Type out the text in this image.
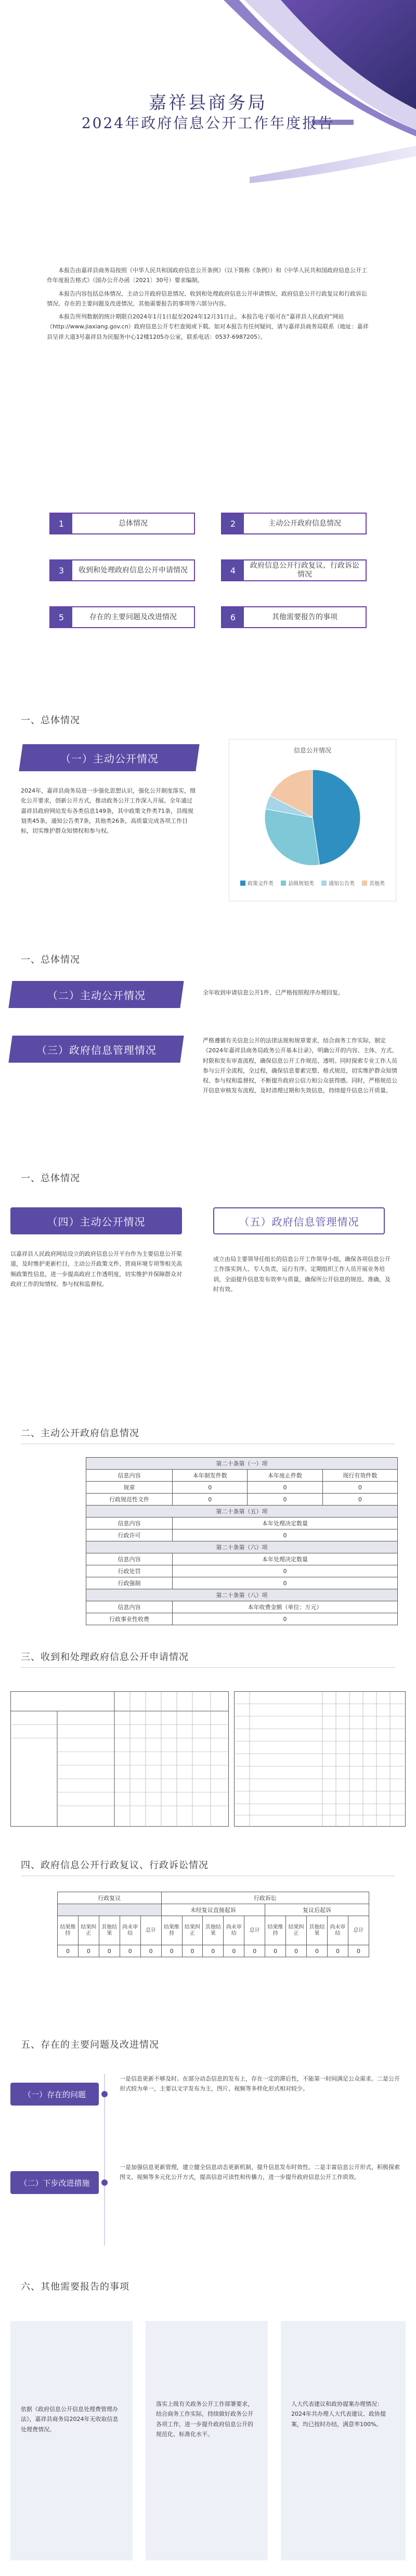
嘉祥县商务局
2024年政府信息公开工作年度报告

本报告由嘉祥县商务局按照《中华人民共和国政府信息公开条例》（以下简称《条例》）和《中华人民共和国政府信息公开工作年度报告格式》（国办公开办函〔2021〕30号）要求编制。

本报告内容包括总体情况、主动公开政府信息情况、收到和处理政府信息公开申请情况、政府信息公开行政复议和行政诉讼情况、存在的主要问题及改进情况、其他需要报告的事项等六部分内容。

本报告所列数据的统计期限自2024年1月1日起至2024年12月31日止。本报告电子版可在“嘉祥县人民政府”网站（http://www.jiaxiang.gov.cn）政府信息公开专栏查阅或下载。如对本报告有任何疑问，请与嘉祥县商务局联系（地址：嘉祥县呈祥大道3号嘉祥县为民服务中心12楼1205办公室，联系电话：0537-6987205）。

1	总体情况	2	主动公开政府信息情况
3	收到和处理政府信息公开申请情况	4	政府信息公开行政复议、行政诉讼情况
5	存在的主要问题及改进情况	6	其他需要报告的事项
一、总体情况
（一）主动公开情况
2024年，嘉祥县商务局进一步强化思想认识，强化公开制度落实，细化公开要求，创新公开方式，推动政务公开工作深入开展。全年通过嘉祥县政府网站发布各类信息149条，其中政策文件类71条，县级规划类45条，通知公告类7条，其他类26条，高质量完成各项工作目标，切实维护群众知情权和参与权。
信息公开情况
政策文件类	县级规划类	通知公告类	其他类
一、总体情况
（二）主动公开情况	全年收到申请信息公开1件、已严格按照程序办理回复。
（三）政府信息管理情况
严格遵循有关信息公开的法律法规和规章要求，结合商务工作实际，制定《2024年嘉祥县商务局政务公开基本目录》，明确公开的内容、主体、方式、时限和发布审查流程，确保信息公开工作规范、透明。同时探索专业工作人员参与公开全流程，全过程，确保信息要素完整、格式规范，切实维护群众知情权、参与权和监督权，不断提升政府公信力和公众获得感。同时，严格规范公开信息审核发布流程，及时清理过期和失效信息，持续提升信息公开质量。
一、总体情况
（四）主动公开情况	（五）政府信息管理情况
以嘉祥县人民政府网站设立的政府信息公开平台作为主要信息公开渠道，及时维护更新栏目，主动公开政策文件、营商环境专项等相关高频政策性信息，进一步提高政府工作透明度，切实维护并保障群众对政府工作的知情权、参与权和监督权。
成立由局主要领导任组长的信息公开工作领导小组，确保各项信息公开工作落实到人、专人负责，运行有序。定期组织工作人员开展业务培训，全面提升信息发布效率与质量，确保所公开信息的规范、准确，及时有效。
二、主动公开政府信息情况
第二十条第（一）项			
信息内容	本年制发件数	本年废止件数	现行有效件数
规章	0	0	0
行政规范性文件	0	0	0
第二十条第（五）项			
信息内容	本年处理决定数量		
行政许可	0		
第二十条第（六）项			
信息内容	本年处理决定数量		
行政处罚	0		
行政强制	0		
第二十条第（八）项			
信息内容	本年收费金额（单位：万元）		
行政事业性收费	0		
三、收到和处理政府信息公开申请情况
四、政府信息公开行政复议、行政诉讼情况
行政复议					行政诉讼									
					未经复议直接起诉					复议后起诉				
结果维持	结果纠正	其他结果	尚未审结	总计	结果维持	结果纠正	其他结果	尚未审结	总计	结果维持	结果纠正	其他结果	尚未审结	总计
0	0	0	0	0	0	0	0	0	0	0	0	0	0	0
五、存在的主要问题及改进情况
（一）存在的问题
一是信息更新不够及时。在部分动态信息的发布上，存在一定的滞后性，不能第一时间满足公众需求。二是公开形式较为单一，主要以文字发布为主，图片、视频等多样化形式相对较少。
（二）下步改进措施
一是加强信息更新管理，建立健全信息动态更新机制，提升信息发布时效性。二是丰富信息公开形式，积极探索图文、视频等多元化公开方式，提高信息可读性和传播力，进一步提升政府信息公开工作质效。
六、其他需要报告的事项
依据《政府信息公开信息处理费管理办法》，嘉祥县商务局2024年无收取信息处理费情况。
落实上级有关政务公开工作部署要求，结合商务工作实际，持续做好政务公开各项工作，进一步提升政府信息公开的规范化、标准化水平。
人大代表建议和政协提案办理情况：2024年共办理人大代表建议、政协提案，均已按时办结，满意率100%。
